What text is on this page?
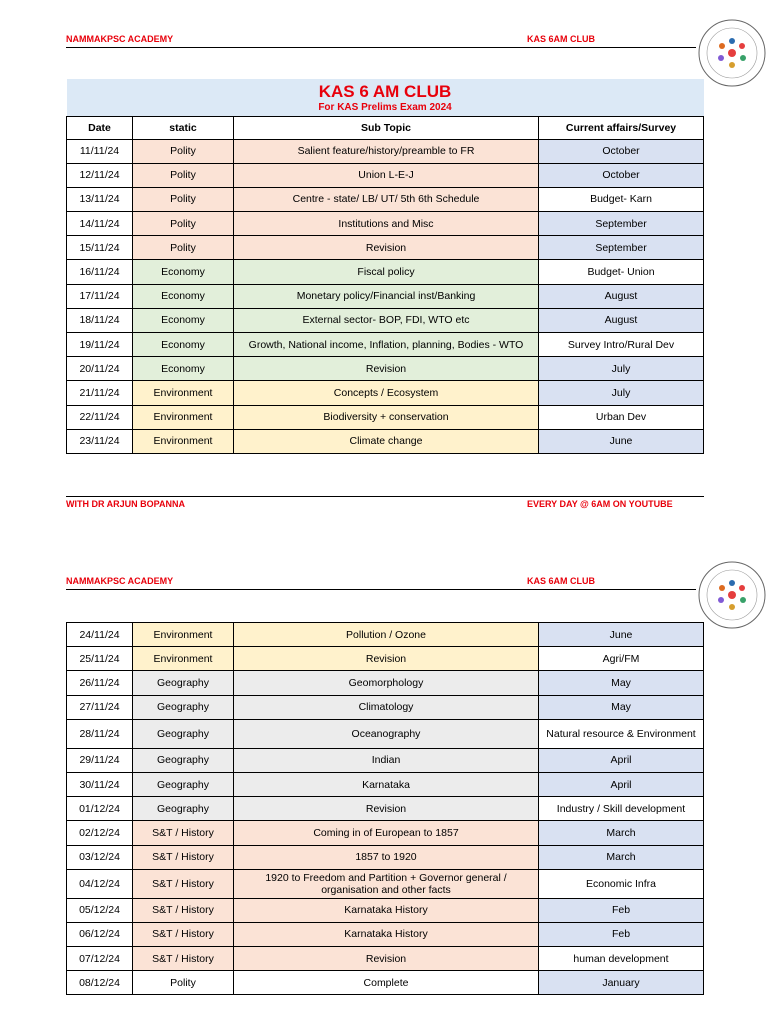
NAMMAKPSC ACADEMY	KAS 6AM CLUB
KAS 6 AM CLUB
For KAS Prelims Exam 2024			

Date	static	Sub Topic	Current affairs/Survey
11/11/24	Polity	Salient feature/history/preamble to FR	October
12/11/24	Polity	Union L-E-J	October
13/11/24	Polity	Centre - state/ LB/ UT/ 5th 6th Schedule	Budget- Karn
14/11/24	Polity	Institutions and Misc	September
15/11/24	Polity	Revision	September
16/11/24	Economy	Fiscal policy	Budget- Union
17/11/24	Economy	Monetary policy/Financial inst/Banking	August
18/11/24	Economy	External sector- BOP, FDI, WTO etc	August
19/11/24	Economy	Growth, National income, Inflation, planning, Bodies - WTO	Survey Intro/Rural Dev
20/11/24	Economy	Revision	July
21/11/24	Environment	Concepts / Ecosystem	July
22/11/24	Environment	Biodiversity + conservation	Urban Dev
23/11/24	Environment	Climate change	June
WITH DR ARJUN BOPANNA	EVERY DAY @ 6AM ON YOUTUBE
NAMMAKPSC ACADEMY	KAS 6AM CLUB
24/11/24	Environment	Pollution / Ozone	June
25/11/24	Environment	Revision	Agri/FM
26/11/24	Geography	Geomorphology	May
27/11/24	Geography	Climatology	May
28/11/24	Geography	Oceanography	Natural resource & Environment
29/11/24	Geography	Indian	April
30/11/24	Geography	Karnataka	April
01/12/24	Geography	Revision	Industry / Skill development
02/12/24	S&T / History	Coming in of European to 1857	March
03/12/24	S&T / History	1857 to 1920	March
04/12/24	S&T / History	1920 to Freedom and Partition + Governor general / organisation and other facts	Economic Infra
05/12/24	S&T / History	Karnataka History	Feb
06/12/24	S&T / History	Karnataka History	Feb
07/12/24	S&T / History	Revision	human development
08/12/24	Polity	Complete	January
